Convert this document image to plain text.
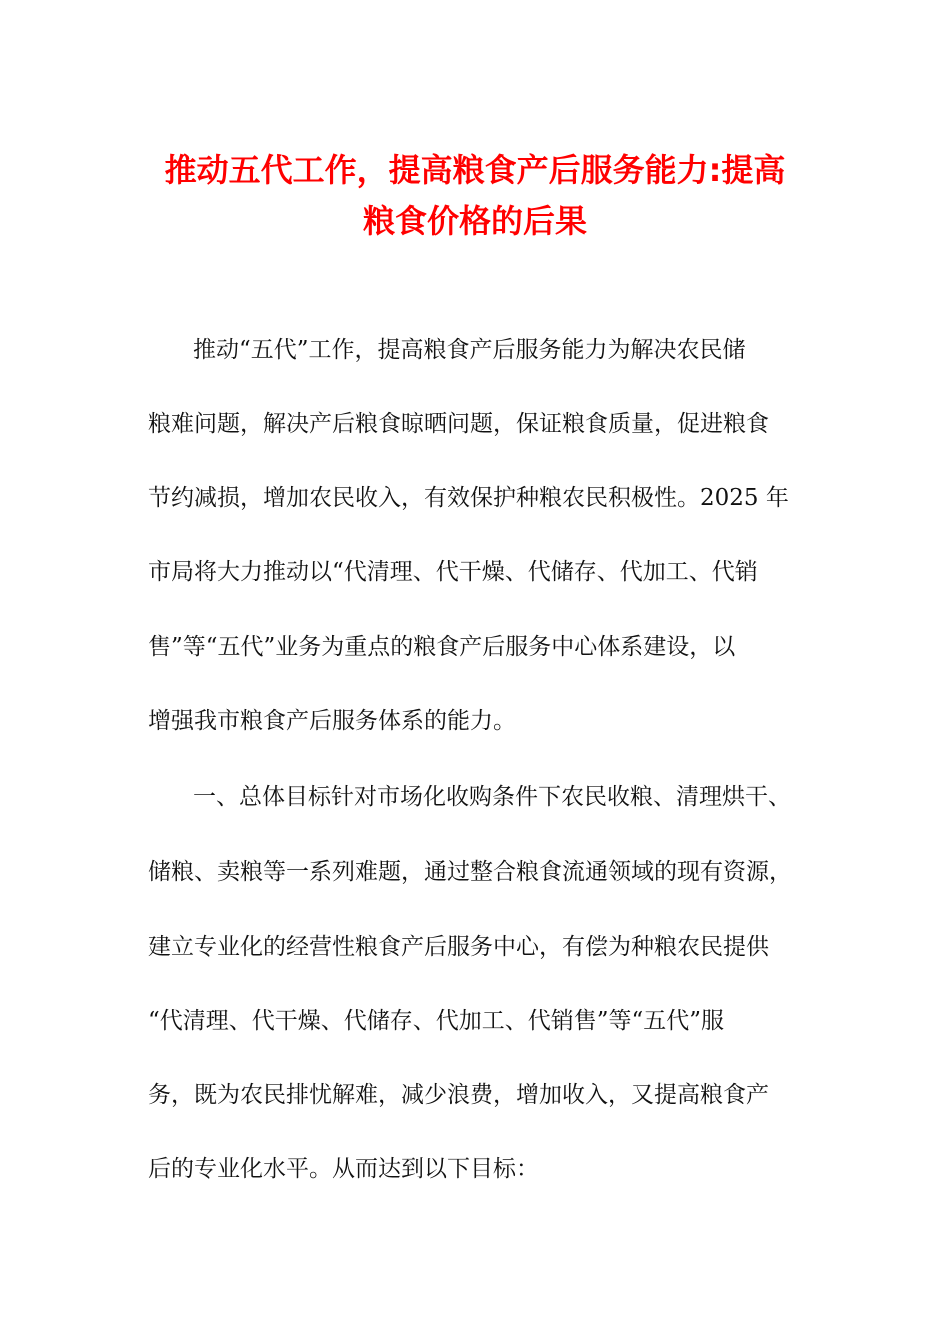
推动五代工作，提高粮食产后服务能力:提高
粮食价格的后果

推动“五代”工作，提高粮食产后服务能力为解决农民储

粮难问题，解决产后粮食晾晒问题，保证粮食质量，促进粮食

节约减损，增加农民收入，有效保护种粮农民积极性。2025 年

市局将大力推动以“代清理、代干燥、代储存、代加工、代销

售”等“五代”业务为重点的粮食产后服务中心体系建设，以

增强我市粮食产后服务体系的能力。

一、总体目标针对市场化收购条件下农民收粮、清理烘干、

储粮、卖粮等一系列难题，通过整合粮食流通领域的现有资源，

建立专业化的经营性粮食产后服务中心，有偿为种粮农民提供

“代清理、代干燥、代储存、代加工、代销售”等“五代”服

务，既为农民排忧解难，减少浪费，增加收入，又提高粮食产

后的专业化水平。从而达到以下目标：
